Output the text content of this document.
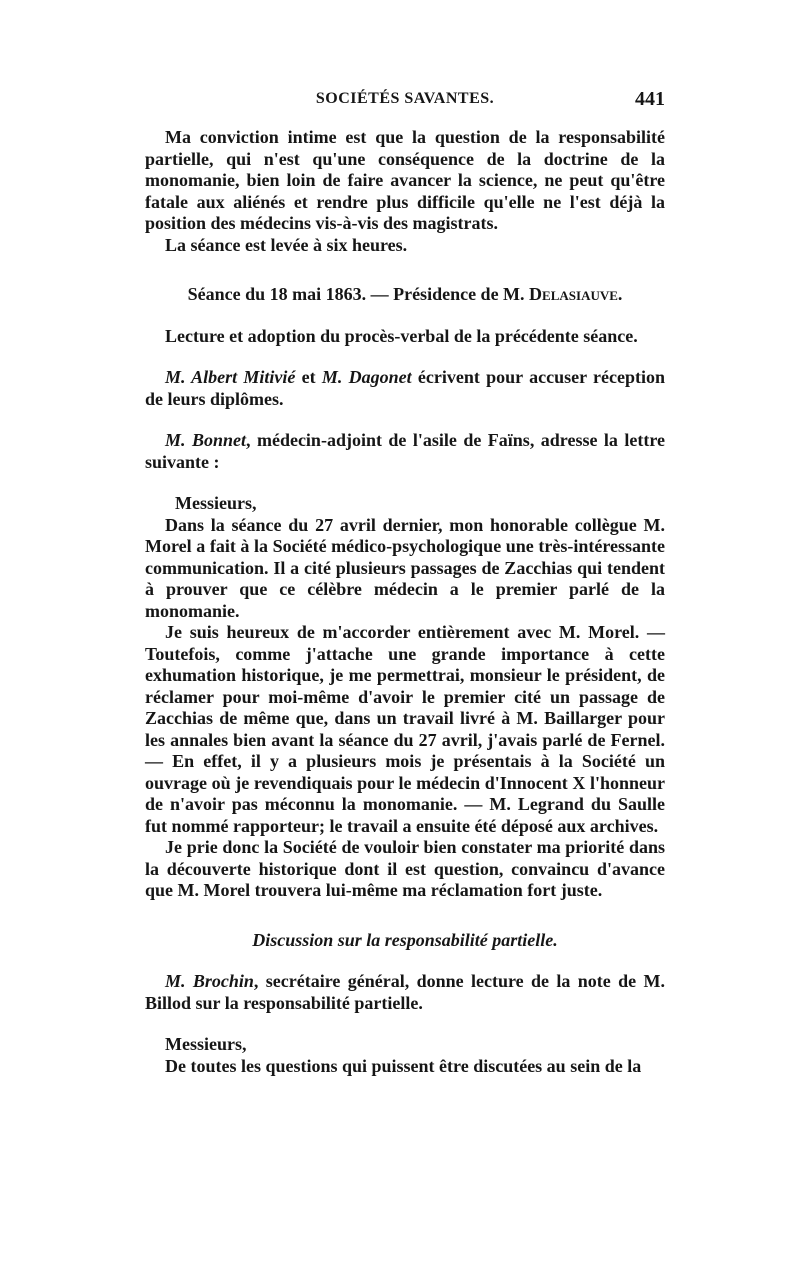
SOCIÉTÉS SAVANTES.	441

Ma conviction intime est que la question de la responsabilité partielle, qui n'est qu'une conséquence de la doctrine de la monomanie, bien loin de faire avancer la science, ne peut qu'être fatale aux aliénés et rendre plus difficile qu'elle ne l'est déjà la position des médecins vis-à-vis des magistrats.

La séance est levée à six heures.

Séance du 18 mai 1863. — Présidence de M. Delasiauve.

Lecture et adoption du procès-verbal de la précédente séance.

M. Albert Mitivié et M. Dagonet écrivent pour accuser réception de leurs diplômes.

M. Bonnet, médecin-adjoint de l'asile de Faïns, adresse la lettre suivante :

Messieurs,

Dans la séance du 27 avril dernier, mon honorable collègue M. Morel a fait à la Société médico-psychologique une très-intéressante communication. Il a cité plusieurs passages de Zacchias qui tendent à prouver que ce célèbre médecin a le premier parlé de la monomanie.

Je suis heureux de m'accorder entièrement avec M. Morel. — Toutefois, comme j'attache une grande importance à cette exhumation historique, je me permettrai, monsieur le président, de réclamer pour moi-même d'avoir le premier cité un passage de Zacchias de même que, dans un travail livré à M. Baillarger pour les annales bien avant la séance du 27 avril, j'avais parlé de Fernel. — En effet, il y a plusieurs mois je présentais à la Société un ouvrage où je revendiquais pour le médecin d'Innocent X l'honneur de n'avoir pas méconnu la monomanie. — M. Legrand du Saulle fut nommé rapporteur; le travail a ensuite été déposé aux archives.

Je prie donc la Société de vouloir bien constater ma priorité dans la découverte historique dont il est question, convaincu d'avance que M. Morel trouvera lui-même ma réclamation fort juste.

Discussion sur la responsabilité partielle.

M. Brochin, secrétaire général, donne lecture de la note de M. Billod sur la responsabilité partielle.

Messieurs,

De toutes les questions qui puissent être discutées au sein de la
